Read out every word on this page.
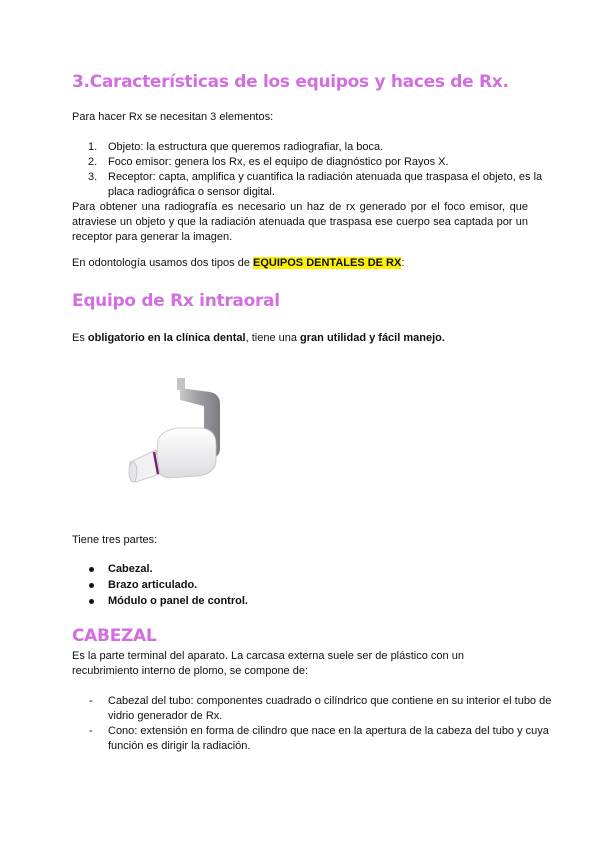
3.Características de los equipos y haces de Rx.

Para hacer Rx se necesitan 3 elementos:

1. Objeto: la estructura que queremos radiografiar, la boca.
2. Foco emisor: genera los Rx, es el equipo de diagnóstico por Rayos X.
3. Receptor: capta, amplifica y cuantifica la radiación atenuada que traspasa el objeto, es la placa radiográfica o sensor digital.

Para obtener una radiografía es necesario un haz de rx generado por el foco emisor, que atraviese un objeto y que la radiación atenuada que traspasa ese cuerpo sea captada por un receptor para generar la imagen.

En odontología usamos dos tipos de EQUIPOS DENTALES DE RX:

Equipo de Rx intraoral

Es obligatorio en la clínica dental, tiene una gran utilidad y fácil manejo.

Tiene tres partes:

Cabezal.
Brazo articulado.
Módulo o panel de control.
CABEZAL

Es la parte terminal del aparato. La carcasa externa suele ser de plástico con un recubrimiento interno de plomo, se compone de:

- Cabezal del tubo: componentes cuadrado o cilíndrico que contiene en su interior el tubo de vidrio generador de Rx.
- Cono: extensión en forma de cilindro que nace en la apertura de la cabeza del tubo y cuya función es dirigir la radiación.
